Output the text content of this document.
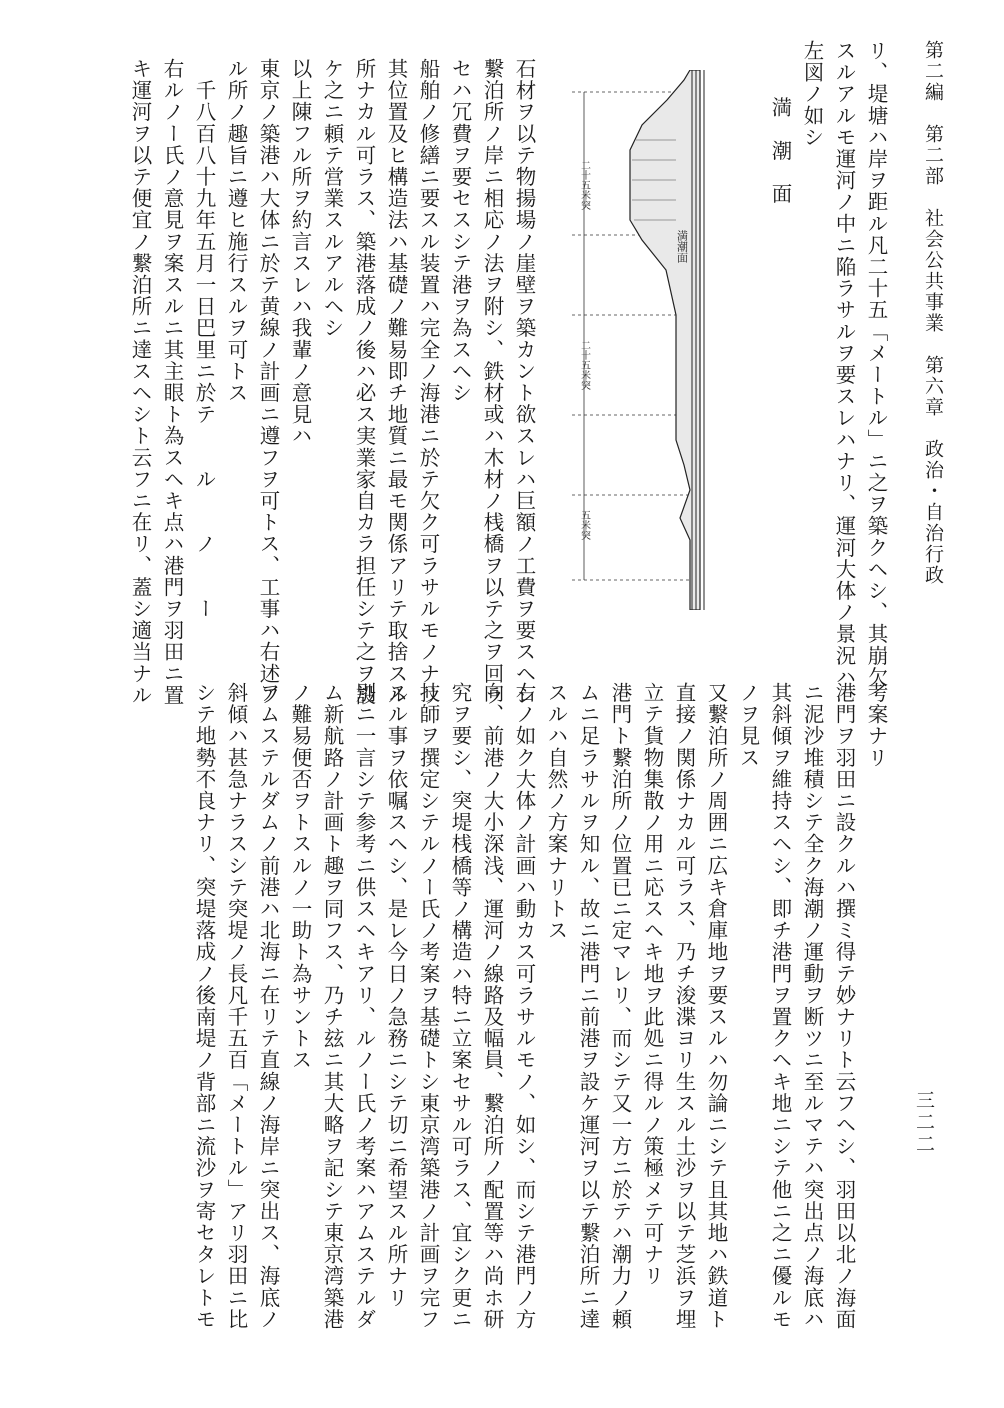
第二編　第二部　社会公共事業　第六章　政治・自治行政
三二二
リ、堤塘ハ岸ヲ距ル凡二十五「メートル」ニ之ヲ築クヘシ、其崩欠
スルアルモ運河ノ中ニ陥ラサルヲ要スレハナリ、運河大体ノ景況ハ
左図ノ如シ
　満　潮　面
満潮面
二十五米突
二十五米突
五米突
石材ヲ以テ物揚場ノ崖壁ヲ築カント欲スレハ巨額ノ工費ヲ要スヘシ
繋泊所ノ岸ニ相応ノ法ヲ附シ、鉄材或ハ木材ノ桟橋ヲ以テ之ヲ回ラ
セハ冗費ヲ要セスシテ港ヲ為スヘシ
船舶ノ修繕ニ要スル装置ハ完全ノ海港ニ於テ欠ク可ラサルモノナリ
其位置及ヒ構造法ハ基礎ノ難易即チ地質ニ最モ関係アリテ取捨スル
所ナカル可ラス、築港落成ノ後ハ必ス実業家自カラ担任シテ之ヲ設
ケ之ニ頼テ営業スルアルヘシ
以上陳フル所ヲ約言スレハ我輩ノ意見ハ
東京ノ築港ハ大体ニ於テ黄線ノ計画ニ遵フヲ可トス、工事ハ右述フ
ル所ノ趣旨ニ遵ヒ施行スルヲ可トス
　千八百八十九年五月一日巴里ニ於テ　　ル　　ノ　　ー
右ルノー氏ノ意見ヲ案スルニ其主眼ト為スヘキ点ハ港門ヲ羽田ニ置
キ運河ヲ以テ便宜ノ繋泊所ニ達スヘシト云フニ在リ、蓋シ適当ナル
考案ナリ
港門ヲ羽田ニ設クルハ撰ミ得テ妙ナリト云フヘシ、羽田以北ノ海面
ニ泥沙堆積シテ全ク海潮ノ運動ヲ断ツニ至ルマテハ突出点ノ海底ハ
其斜傾ヲ維持スヘシ、即チ港門ヲ置クヘキ地ニシテ他ニ之ニ優ルモ
ノヲ見ス
又繋泊所ノ周囲ニ広キ倉庫地ヲ要スルハ勿論ニシテ且其地ハ鉄道ト
直接ノ関係ナカル可ラス、乃チ浚渫ヨリ生スル土沙ヲ以テ芝浜ヲ埋
立テ貨物集散ノ用ニ応スヘキ地ヲ此処ニ得ルノ策極メテ可ナリ
港門ト繋泊所ノ位置已ニ定マレリ、而シテ又一方ニ於テハ潮力ノ頼
ムニ足ラサルヲ知ル、故ニ港門ニ前港ヲ設ケ運河ヲ以テ繋泊所ニ達
スルハ自然ノ方案ナリトス
右ノ如ク大体ノ計画ハ動カス可ラサルモノ、如シ、而シテ港門ノ方
向、前港ノ大小深浅、運河ノ線路及幅員、繋泊所ノ配置等ハ尚ホ研
究ヲ要シ、突堤桟橋等ノ構造ハ特ニ立案セサル可ラス、宜シク更ニ
技師ヲ撰定シテルノー氏ノ考案ヲ基礎トシ東京湾築港ノ計画ヲ完フ
スル事ヲ依嘱スヘシ、是レ今日ノ急務ニシテ切ニ希望スル所ナリ
別ニ一言シテ参考ニ供スヘキアリ、ルノー氏ノ考案ハアムステルダ
ム新航路ノ計画ト趣ヲ同フス、乃チ玆ニ其大略ヲ記シテ東京湾築港
ノ難易便否ヲトスルノ一助ト為サントス
アムステルダムノ前港ハ北海ニ在リテ直線ノ海岸ニ突出ス、海底ノ
斜傾ハ甚急ナラスシテ突堤ノ長凡千五百「メートル」アリ羽田ニ比
シテ地勢不良ナリ、突堤落成ノ後南堤ノ背部ニ流沙ヲ寄セタレトモ
